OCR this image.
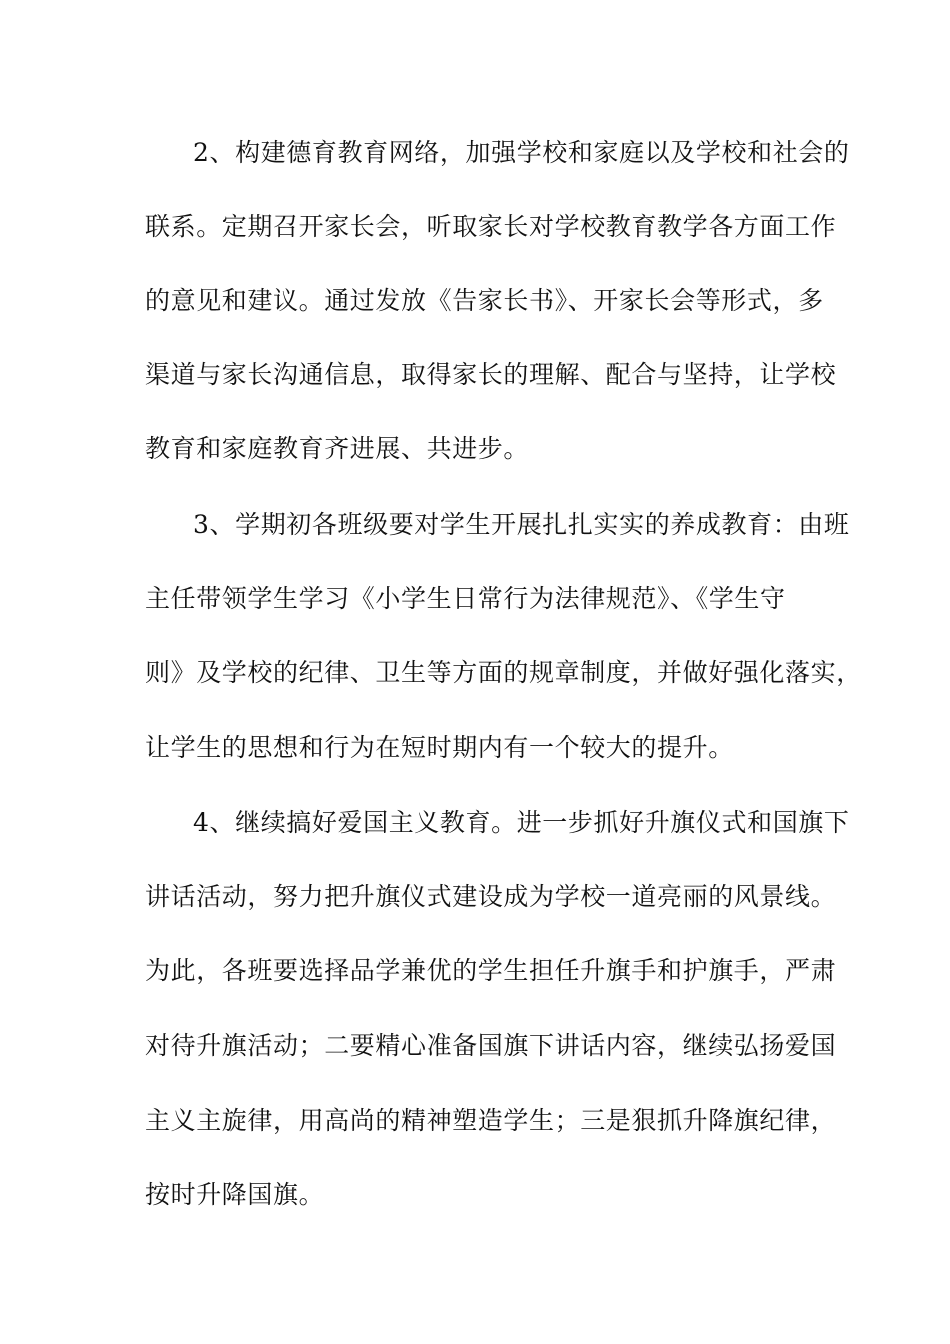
2、构建德育教育网络，加强学校和家庭以及学校和社会的
联系。定期召开家长会，听取家长对学校教育教学各方面工作
的意见和建议。通过发放《告家长书》、开家长会等形式，多
渠道与家长沟通信息，取得家长的理解、配合与坚持，让学校
教育和家庭教育齐进展、共进步。
3、学期初各班级要对学生开展扎扎实实的养成教育：由班
主任带领学生学习《小学生日常行为法律规范》、《学生守
则》及学校的纪律、卫生等方面的规章制度，并做好强化落实，
让学生的思想和行为在短时期内有一个较大的提升。
4、继续搞好爱国主义教育。进一步抓好升旗仪式和国旗下
讲话活动，努力把升旗仪式建设成为学校一道亮丽的风景线。
为此，各班要选择品学兼优的学生担任升旗手和护旗手，严肃
对待升旗活动；二要精心准备国旗下讲话内容，继续弘扬爱国
主义主旋律，用高尚的精神塑造学生；三是狠抓升降旗纪律，
按时升降国旗。
